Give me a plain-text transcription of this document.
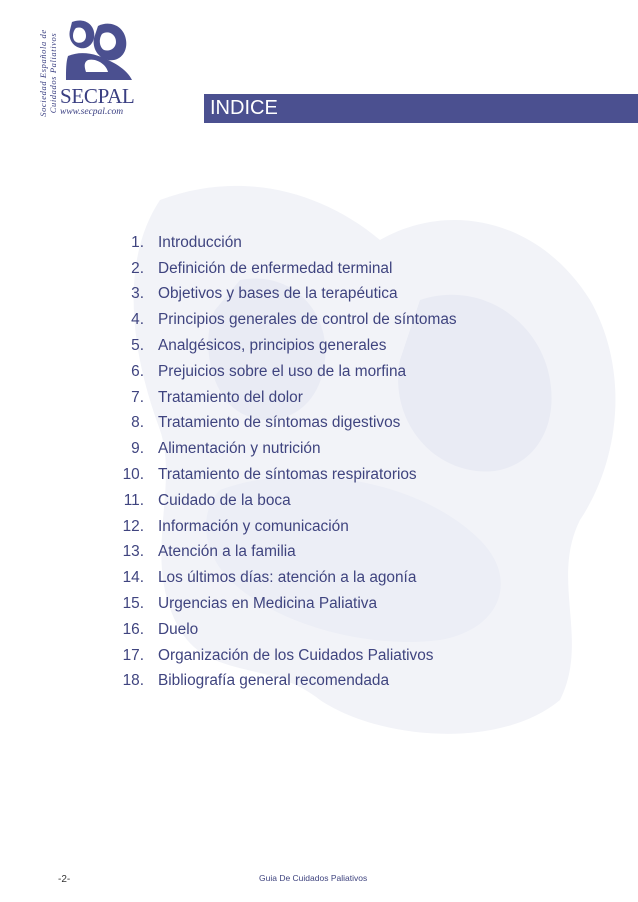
Sociedad Española de Cuidados Paliativos SECPAL
www.secpal.com	INDICE
1. Introducción
2. Definición de enfermedad terminal
3. Objetivos y bases de la terapéutica
4. Principios generales de control de síntomas
5. Analgésicos, principios generales
6. Prejuicios sobre el uso de la morfina
7. Tratamiento del dolor
8. Tratamiento de síntomas digestivos
9. Alimentación y nutrición
10. Tratamiento de síntomas respiratorios
11. Cuidado de la boca
12. Información y comunicación
13. Atención a la familia
14. Los últimos días: atención a la agonía
15. Urgencias en Medicina Paliativa
16. Duelo
17. Organización de los Cuidados Paliativos
18. Bibliografía general recomendada
-2-	Guia De Cuidados Paliativos
